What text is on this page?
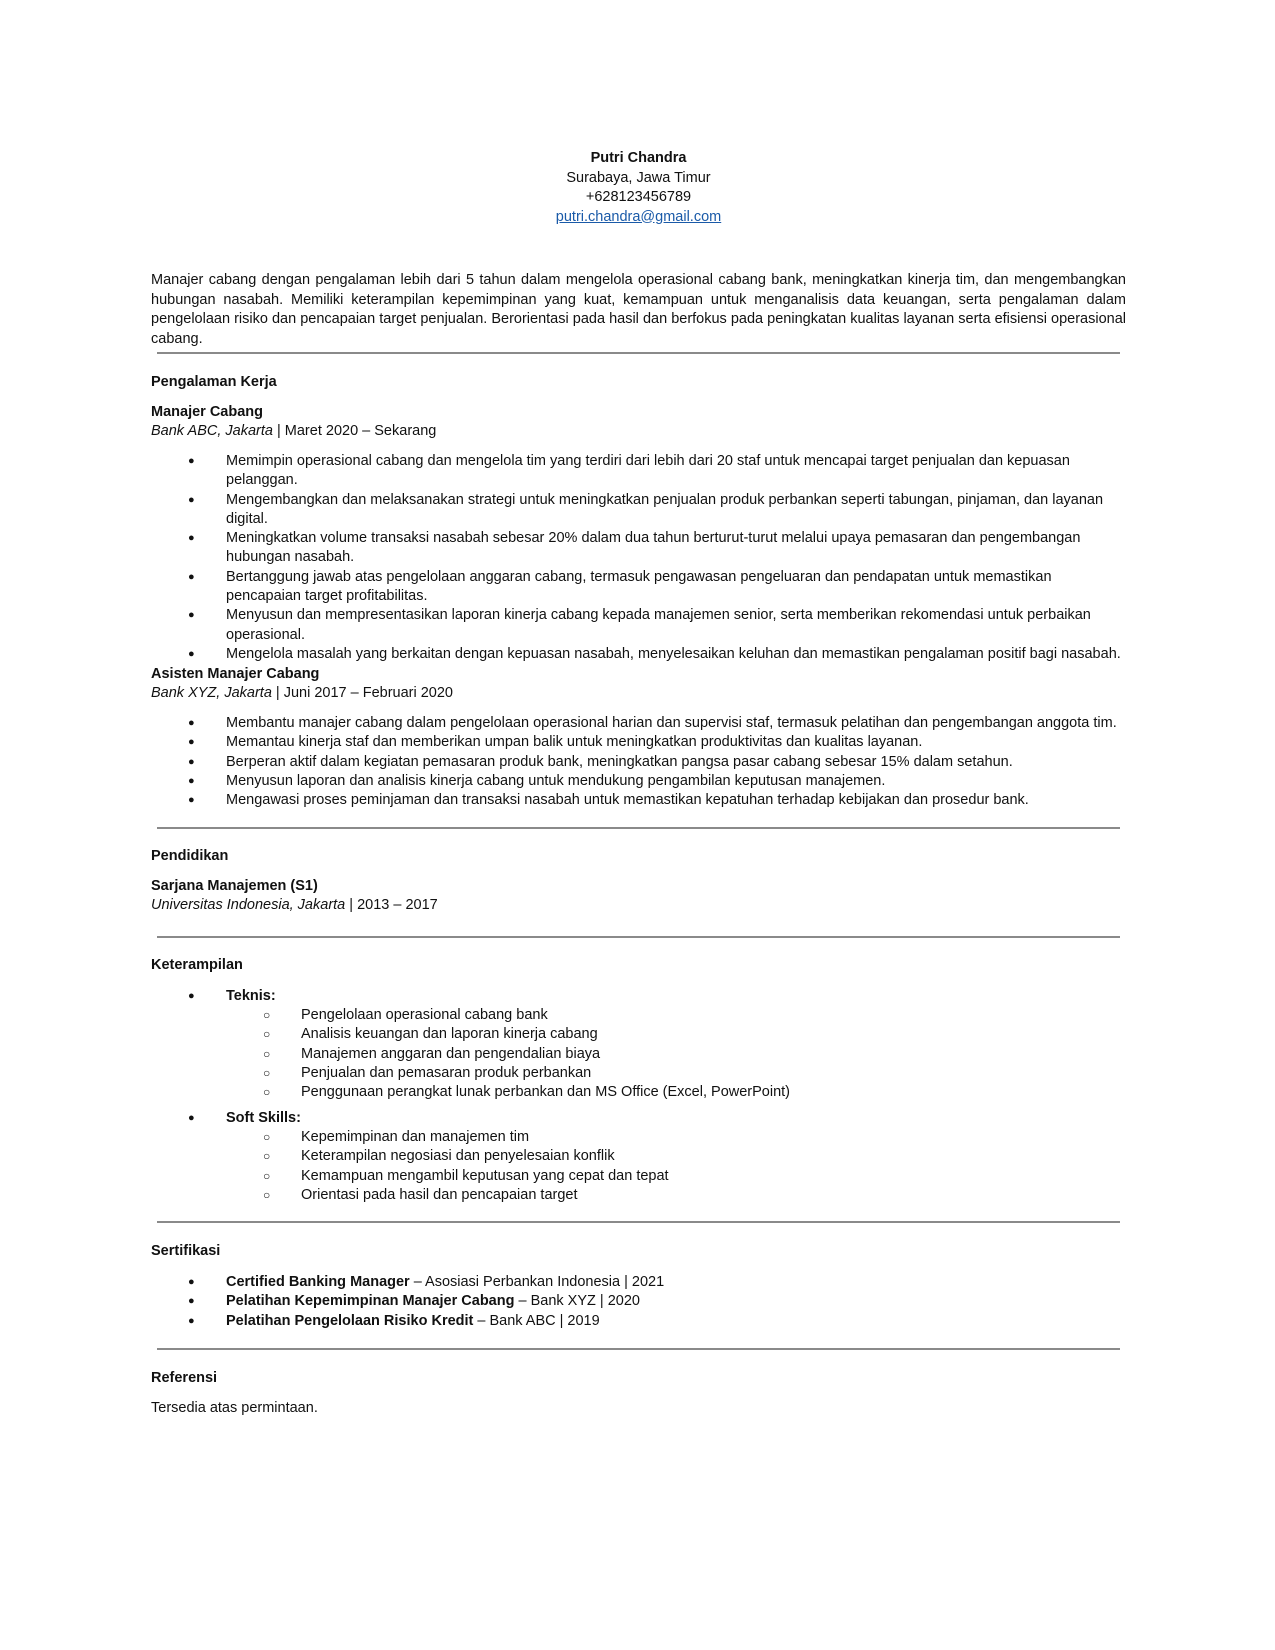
Putri Chandra
Surabaya, Jawa Timur
+628123456789
putri.chandra@gmail.com

Manajer cabang dengan pengalaman lebih dari 5 tahun dalam mengelola operasional cabang bank, meningkatkan kinerja tim, dan mengembangkan hubungan nasabah. Memiliki keterampilan kepemimpinan yang kuat, kemampuan untuk menganalisis data keuangan, serta pengalaman dalam pengelolaan risiko dan pencapaian target penjualan. Berorientasi pada hasil dan berfokus pada peningkatan kualitas layanan serta efisiensi operasional cabang.

Pengalaman Kerja
Manajer Cabang
Bank ABC, Jakarta | Maret 2020 – Sekarang
● Memimpin operasional cabang dan mengelola tim yang terdiri dari lebih dari 20 staf untuk mencapai target penjualan dan kepuasan pelanggan.
● Mengembangkan dan melaksanakan strategi untuk meningkatkan penjualan produk perbankan seperti tabungan, pinjaman, dan layanan digital.
● Meningkatkan volume transaksi nasabah sebesar 20% dalam dua tahun berturut-turut melalui upaya pemasaran dan pengembangan hubungan nasabah.
● Bertanggung jawab atas pengelolaan anggaran cabang, termasuk pengawasan pengeluaran dan pendapatan untuk memastikan pencapaian target profitabilitas.
● Menyusun dan mempresentasikan laporan kinerja cabang kepada manajemen senior, serta memberikan rekomendasi untuk perbaikan operasional.
● Mengelola masalah yang berkaitan dengan kepuasan nasabah, menyelesaikan keluhan dan memastikan pengalaman positif bagi nasabah.
Asisten Manajer Cabang
Bank XYZ, Jakarta | Juni 2017 – Februari 2020
● Membantu manajer cabang dalam pengelolaan operasional harian dan supervisi staf, termasuk pelatihan dan pengembangan anggota tim.
● Memantau kinerja staf dan memberikan umpan balik untuk meningkatkan produktivitas dan kualitas layanan.
● Berperan aktif dalam kegiatan pemasaran produk bank, meningkatkan pangsa pasar cabang sebesar 15% dalam setahun.
● Menyusun laporan dan analisis kinerja cabang untuk mendukung pengambilan keputusan manajemen.
● Mengawasi proses peminjaman dan transaksi nasabah untuk memastikan kepatuhan terhadap kebijakan dan prosedur bank.
Pendidikan
Sarjana Manajemen (S1)
Universitas Indonesia, Jakarta | 2013 – 2017
Keterampilan
● Teknis:
○ Pengelolaan operasional cabang bank
○ Analisis keuangan dan laporan kinerja cabang
○ Manajemen anggaran dan pengendalian biaya
○ Penjualan dan pemasaran produk perbankan
○ Penggunaan perangkat lunak perbankan dan MS Office (Excel, PowerPoint)
● Soft Skills:
○ Kepemimpinan dan manajemen tim
○ Keterampilan negosiasi dan penyelesaian konflik
○ Kemampuan mengambil keputusan yang cepat dan tepat
○ Orientasi pada hasil dan pencapaian target
Sertifikasi
● Certified Banking Manager – Asosiasi Perbankan Indonesia | 2021
● Pelatihan Kepemimpinan Manajer Cabang – Bank XYZ | 2020
● Pelatihan Pengelolaan Risiko Kredit – Bank ABC | 2019
Referensi
Tersedia atas permintaan.
